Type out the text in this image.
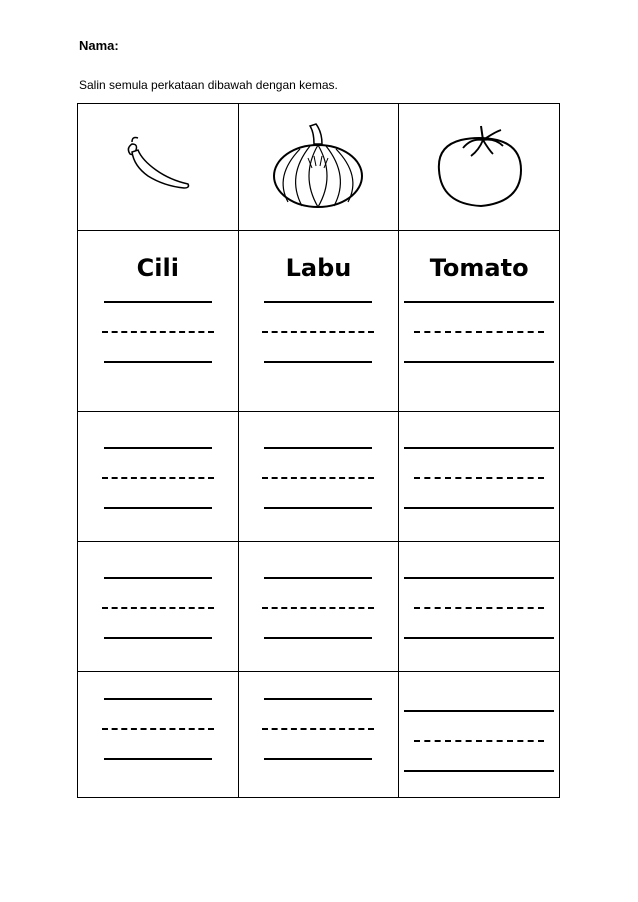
Nama:
Salin semula perkataan dibawah dengan kemas.

Cili	Labu	Tomato
